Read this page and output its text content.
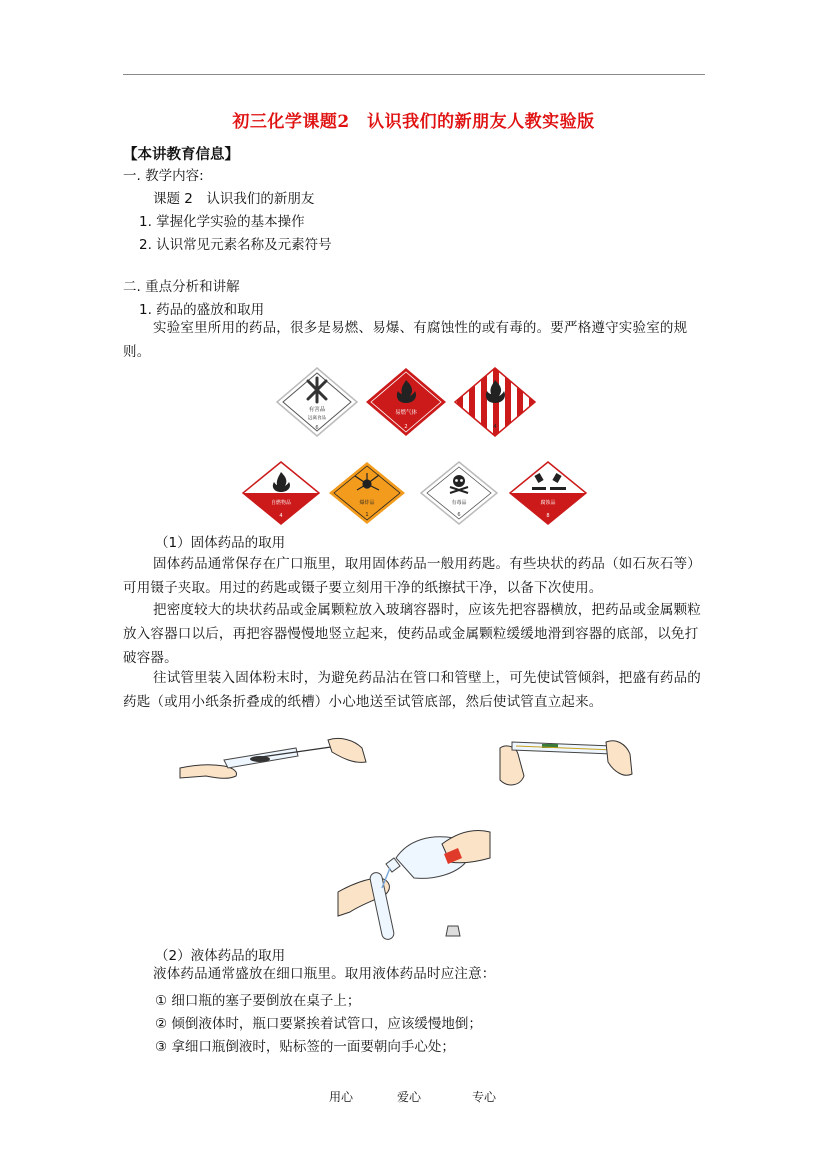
初三化学课题2　认识我们的新朋友人教实验版
【本讲教育信息】
一. 教学内容:
课题 2　认识我们的新朋友
1. 掌握化学实验的基本操作
2. 认识常见元素名称及元素符号
二. 重点分析和讲解
1. 药品的盛放和取用
实验室里所用的药品，很多是易燃、易爆、有腐蚀性的或有毒的。要严格遵守实验室的规则。
有害品
远离食品
6
易燃气体
2	4
自燃物品
4
爆炸品
1
有毒品
6
腐蚀品
8
（1）固体药品的取用
固体药品通常保存在广口瓶里，取用固体药品一般用药匙。有些块状的药品（如石灰石等）可用镊子夹取。用过的药匙或镊子要立刻用干净的纸擦拭干净，以备下次使用。
把密度较大的块状药品或金属颗粒放入玻璃容器时，应该先把容器横放，把药品或金属颗粒放入容器口以后，再把容器慢慢地竖立起来，使药品或金属颗粒缓缓地滑到容器的底部，以免打破容器。
往试管里装入固体粉末时，为避免药品沾在管口和管壁上，可先使试管倾斜，把盛有药品的药匙（或用小纸条折叠成的纸槽）小心地送至试管底部，然后使试管直立起来。
（2）液体药品的取用
液体药品通常盛放在细口瓶里。取用液体药品时应注意：
① 细口瓶的塞子要倒放在桌子上；
② 倾倒液体时，瓶口要紧挨着试管口，应该缓慢地倒；
③ 拿细口瓶倒液时，贴标签的一面要朝向手心处；
用心	爱心	专心
